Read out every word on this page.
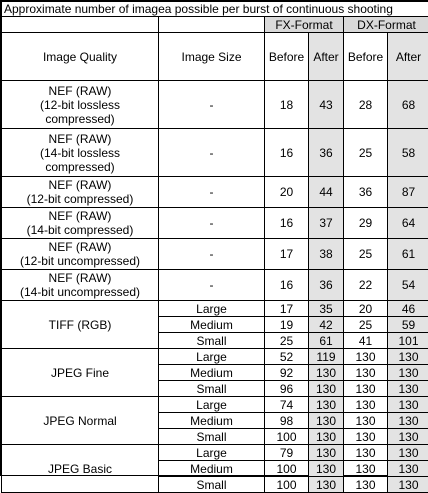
Approximate number of imagea possible per burst of continuous shooting					
		FX-Format		DX-Format	
Image Quality	Image Size	Before	After	Before	After

NEF (RAW)
(12-bit lossless
compressed)	-	18	43	28	68

NEF (RAW)
(14-bit lossless
compressed)	-	16	36	25	58

NEF (RAW)
(12-bit compressed)	-	20	44	36	87

NEF (RAW)
(14-bit compressed)	-	16	37	29	64

NEF (RAW)
(12-bit uncompressed)	-	17	38	25	61

NEF (RAW)
(14-bit uncompressed)	-	16	36	22	54
TIFF (RGB)	Large	17	35	20	46
	Medium	19	42	25	59
	Small	25	61	41	101
JPEG Fine	Large	52	119	130	130
	Medium	92	130	130	130
	Small	96	130	130	130
JPEG Normal	Large	74	130	130	130
	Medium	98	130	130	130
	Small	100	130	130	130
JPEG Basic	Large	79	130	130	130
	Medium	100	130	130	130
	Small	100	130	130	130
